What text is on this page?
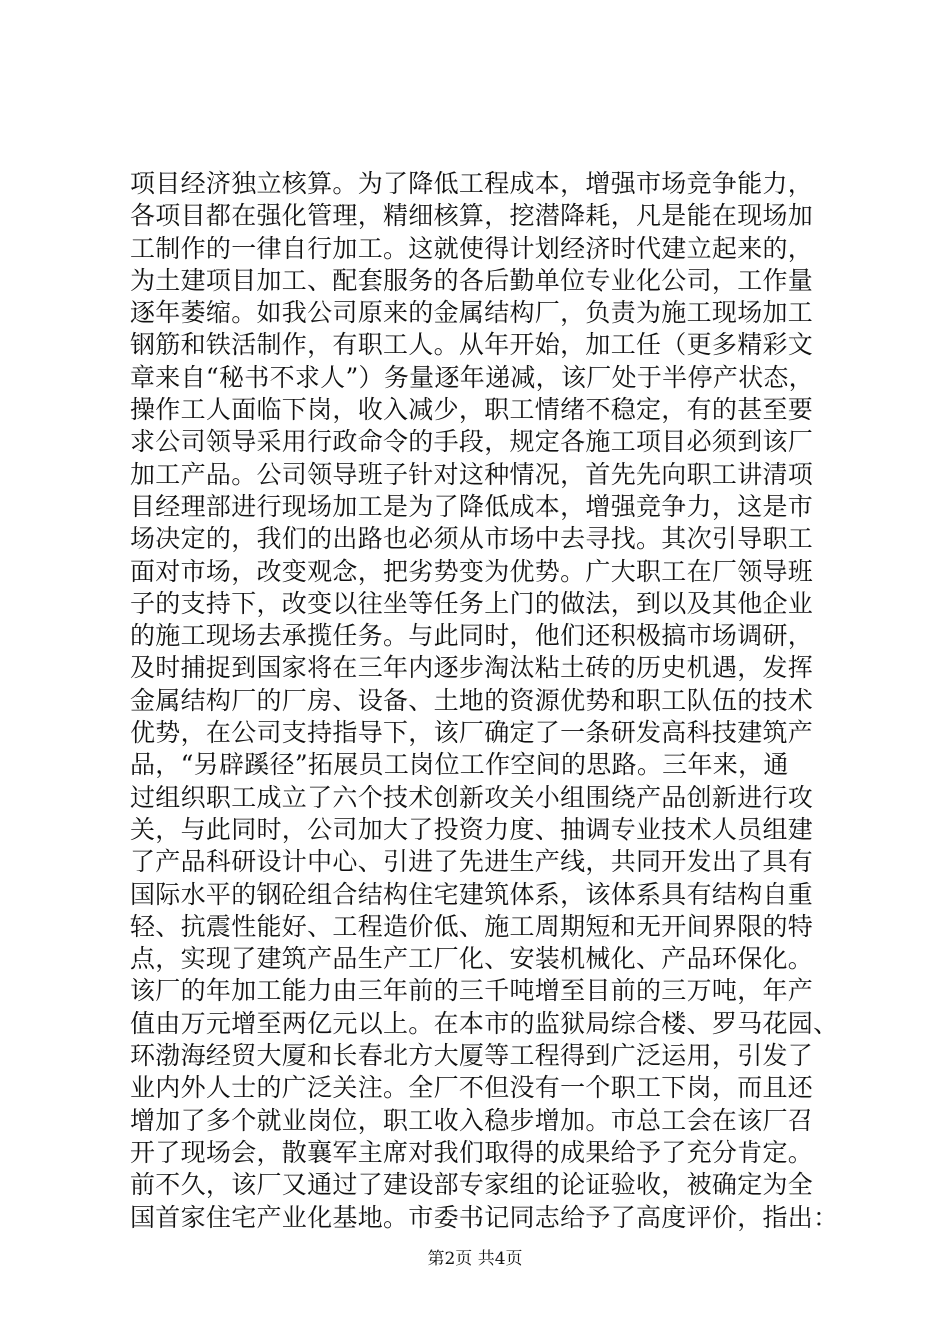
项目经济独立核算。为了降低工程成本，增强市场竞争能力，
各项目都在强化管理，精细核算，挖潜降耗，凡是能在现场加
工制作的一律自行加工。这就使得计划经济时代建立起来的，
为土建项目加工、配套服务的各后勤单位专业化公司，工作量
逐年萎缩。如我公司原来的金属结构厂，负责为施工现场加工
钢筋和铁活制作，有职工人。从年开始，加工任（更多精彩文
章来自“秘书不求人”）务量逐年递减，该厂处于半停产状态，
操作工人面临下岗，收入减少，职工情绪不稳定，有的甚至要
求公司领导采用行政命令的手段，规定各施工项目必须到该厂
加工产品。公司领导班子针对这种情况，首先先向职工讲清项
目经理部进行现场加工是为了降低成本，增强竞争力，这是市
场决定的，我们的出路也必须从市场中去寻找。其次引导职工
面对市场，改变观念，把劣势变为优势。广大职工在厂领导班
子的支持下，改变以往坐等任务上门的做法，到以及其他企业
的施工现场去承揽任务。与此同时，他们还积极搞市场调研，
及时捕捉到国家将在三年内逐步淘汰粘土砖的历史机遇，发挥
金属结构厂的厂房、设备、土地的资源优势和职工队伍的技术
优势，在公司支持指导下，该厂确定了一条研发高科技建筑产
品，“另辟蹊径”拓展员工岗位工作空间的思路。三年来，通
过组织职工成立了六个技术创新攻关小组围绕产品创新进行攻
关，与此同时，公司加大了投资力度、抽调专业技术人员组建
了产品科研设计中心、引进了先进生产线，共同开发出了具有
国际水平的钢砼组合结构住宅建筑体系，该体系具有结构自重
轻、抗震性能好、工程造价低、施工周期短和无开间界限的特
点，实现了建筑产品生产工厂化、安装机械化、产品环保化。
该厂的年加工能力由三年前的三千吨增至目前的三万吨，年产
值由万元增至两亿元以上。在本市的监狱局综合楼、罗马花园、
环渤海经贸大厦和长春北方大厦等工程得到广泛运用，引发了
业内外人士的广泛关注。全厂不但没有一个职工下岗，而且还
增加了多个就业岗位，职工收入稳步增加。市总工会在该厂召
开了现场会，散襄军主席对我们取得的成果给予了充分肯定。
前不久，该厂又通过了建设部专家组的论证验收，被确定为全
国首家住宅产业化基地。市委书记同志给予了高度评价，指出：
第2页 共4页
